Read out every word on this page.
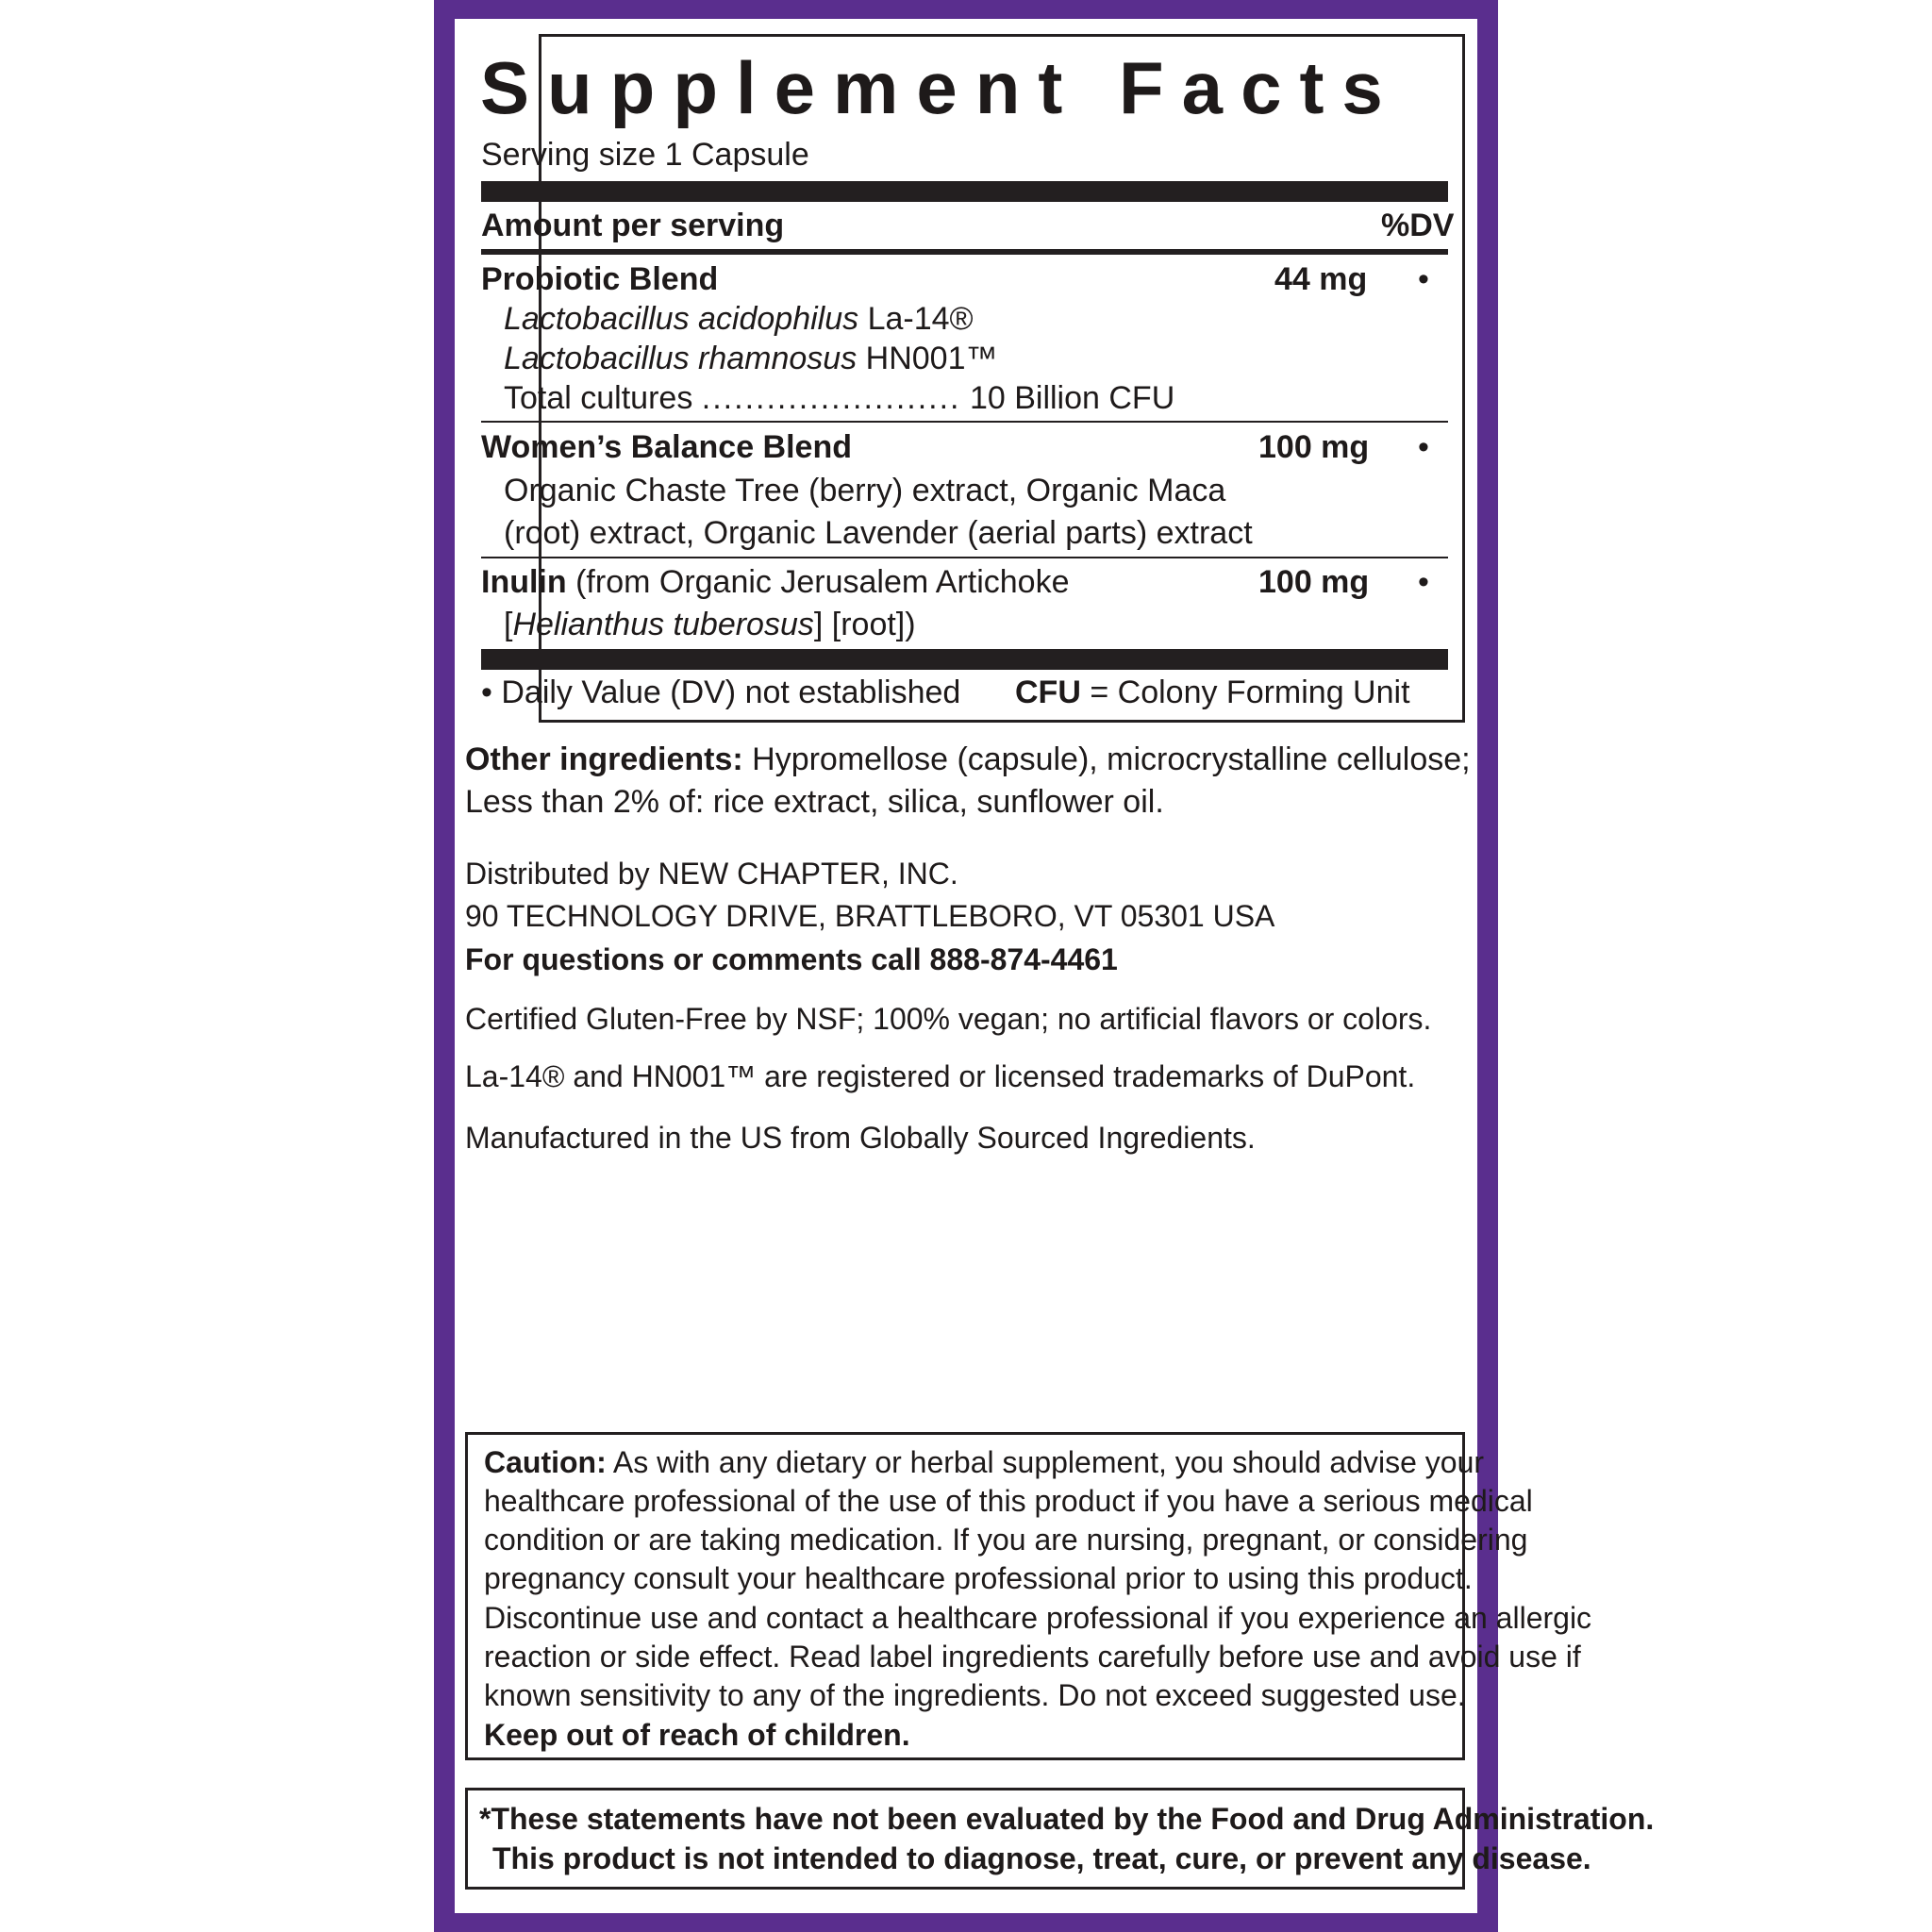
Supplement Facts
Serving size 1 Capsule
Amount per serving	%DV
Probiotic Blend	44 mg •
Lactobacillus acidophilus La-14®
Lactobacillus rhamnosus HN001™
Total cultures ........................ 10 Billion CFU
Women’s Balance Blend	100 mg •
Organic Chaste Tree (berry) extract, Organic Maca
(root) extract, Organic Lavender (aerial parts) extract
Inulin (from Organic Jerusalem Artichoke	100 mg •
[Helianthus tuberosus] [root])
• Daily Value (DV) not established CFU = Colony Forming Unit
Other ingredients: Hypromellose (capsule), microcrystalline cellulose;
Less than 2% of: rice extract, silica, sunflower oil.
Distributed by NEW CHAPTER, INC.
90 TECHNOLOGY DRIVE, BRATTLEBORO, VT 05301 USA
For questions or comments call 888-874-4461
Certified Gluten-Free by NSF; 100% vegan; no artificial flavors or colors.
La-14® and HN001™ are registered or licensed trademarks of DuPont.
Manufactured in the US from Globally Sourced Ingredients.
Caution: As with any dietary or herbal supplement, you should advise your
healthcare professional of the use of this product if you have a serious medical
condition or are taking medication. If you are nursing, pregnant, or considering
pregnancy consult your healthcare professional prior to using this product.
Discontinue use and contact a healthcare professional if you experience an allergic
reaction or side effect. Read label ingredients carefully before use and avoid use if
known sensitivity to any of the ingredients. Do not exceed suggested use.
Keep out of reach of children.
*These statements have not been evaluated by the Food and Drug Administration.
This product is not intended to diagnose, treat, cure, or prevent any disease.
